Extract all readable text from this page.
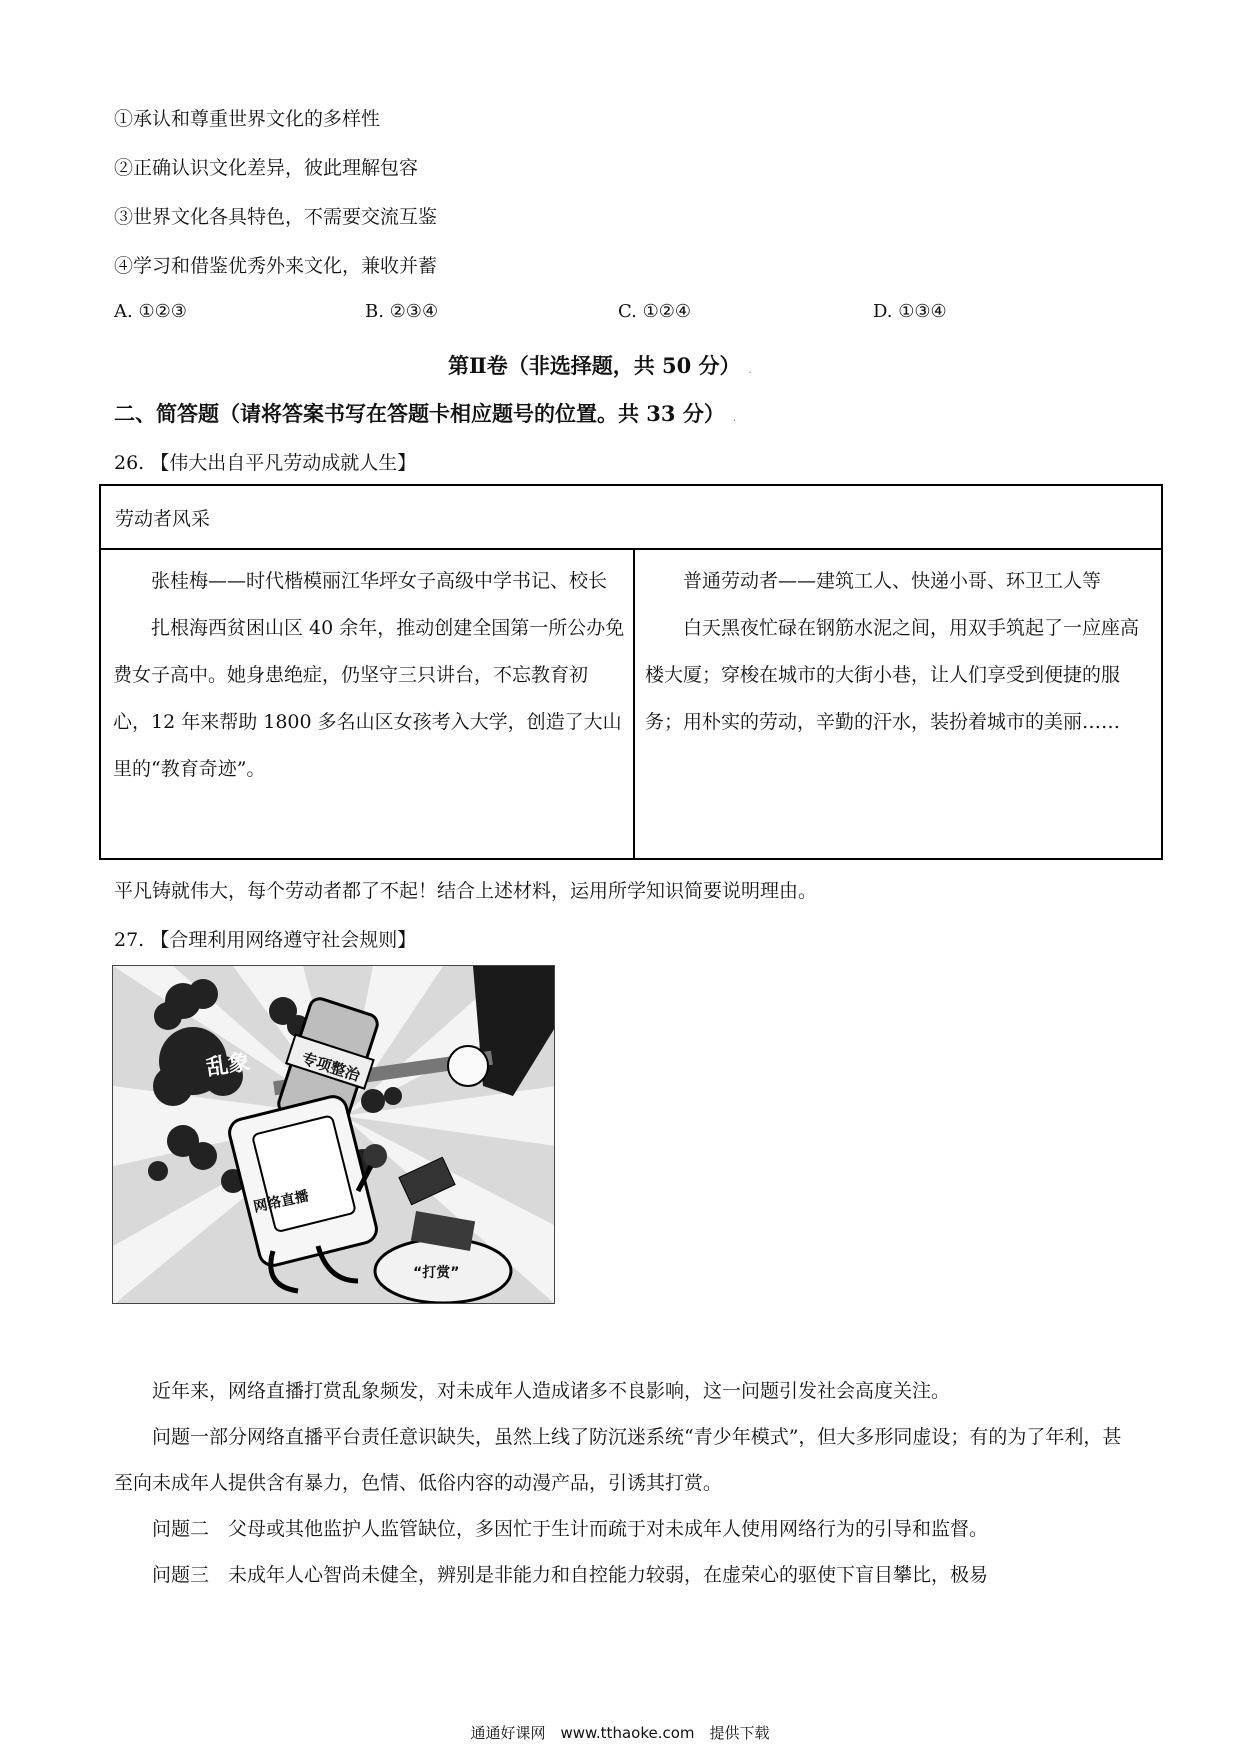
①承认和尊重世界文化的多样性
②正确认识文化差异，彼此理解包容
③世界文化各具特色，不需要交流互鉴
④学习和借鉴优秀外来文化，兼收并蓄
A. ①②③	B. ②③④	C. ①②④	D. ①③④
第Ⅱ卷（非选择题，共 50 分） .
二、简答题（请将答案书写在答题卡相应题号的位置。共 33 分） .
26. 【伟大出自平凡劳动成就人生】
劳动者风采

张桂梅——时代楷模丽江华坪女子高级中学书记、校长

扎根海西贫困山区 40 余年，推动创建全国第一所公办免费女子高中。她身患绝症，仍坚守三只讲台，不忘教育初心，12 年来帮助 1800 多名山区女孩考入大学，创造了大山里的“教育奇迹”。

普通劳动者——建筑工人、快递小哥、环卫工人等

白天黑夜忙碌在钢筋水泥之间，用双手筑起了一应座高楼大厦；穿梭在城市的大街小巷，让人们享受到便捷的服务；用朴实的劳动，辛勤的汗水，装扮着城市的美丽……

平凡铸就伟大，每个劳动者都了不起！结合上述材料，运用所学知识简要说明理由。
27. 【合理利用网络遵守社会规则】
乱象	专项整治
网络直播
“打赏”

近年来，网络直播打赏乱象频发，对未成年人造成诸多不良影响，这一问题引发社会高度关注。

问题一部分网络直播平台责任意识缺失，虽然上线了防沉迷系统“青少年模式”，但大多形同虚设；有的为了年利，甚至向未成年人提供含有暴力，色情、低俗内容的动漫产品，引诱其打赏。

问题二　父母或其他监护人监管缺位，多因忙于生计而疏于对未成年人使用网络行为的引导和监督。

问题三　未成年人心智尚未健全，辨别是非能力和自控能力较弱，在虚荣心的驱使下盲目攀比，极易

通通好课网　www.tthaoke.com　提供下载
